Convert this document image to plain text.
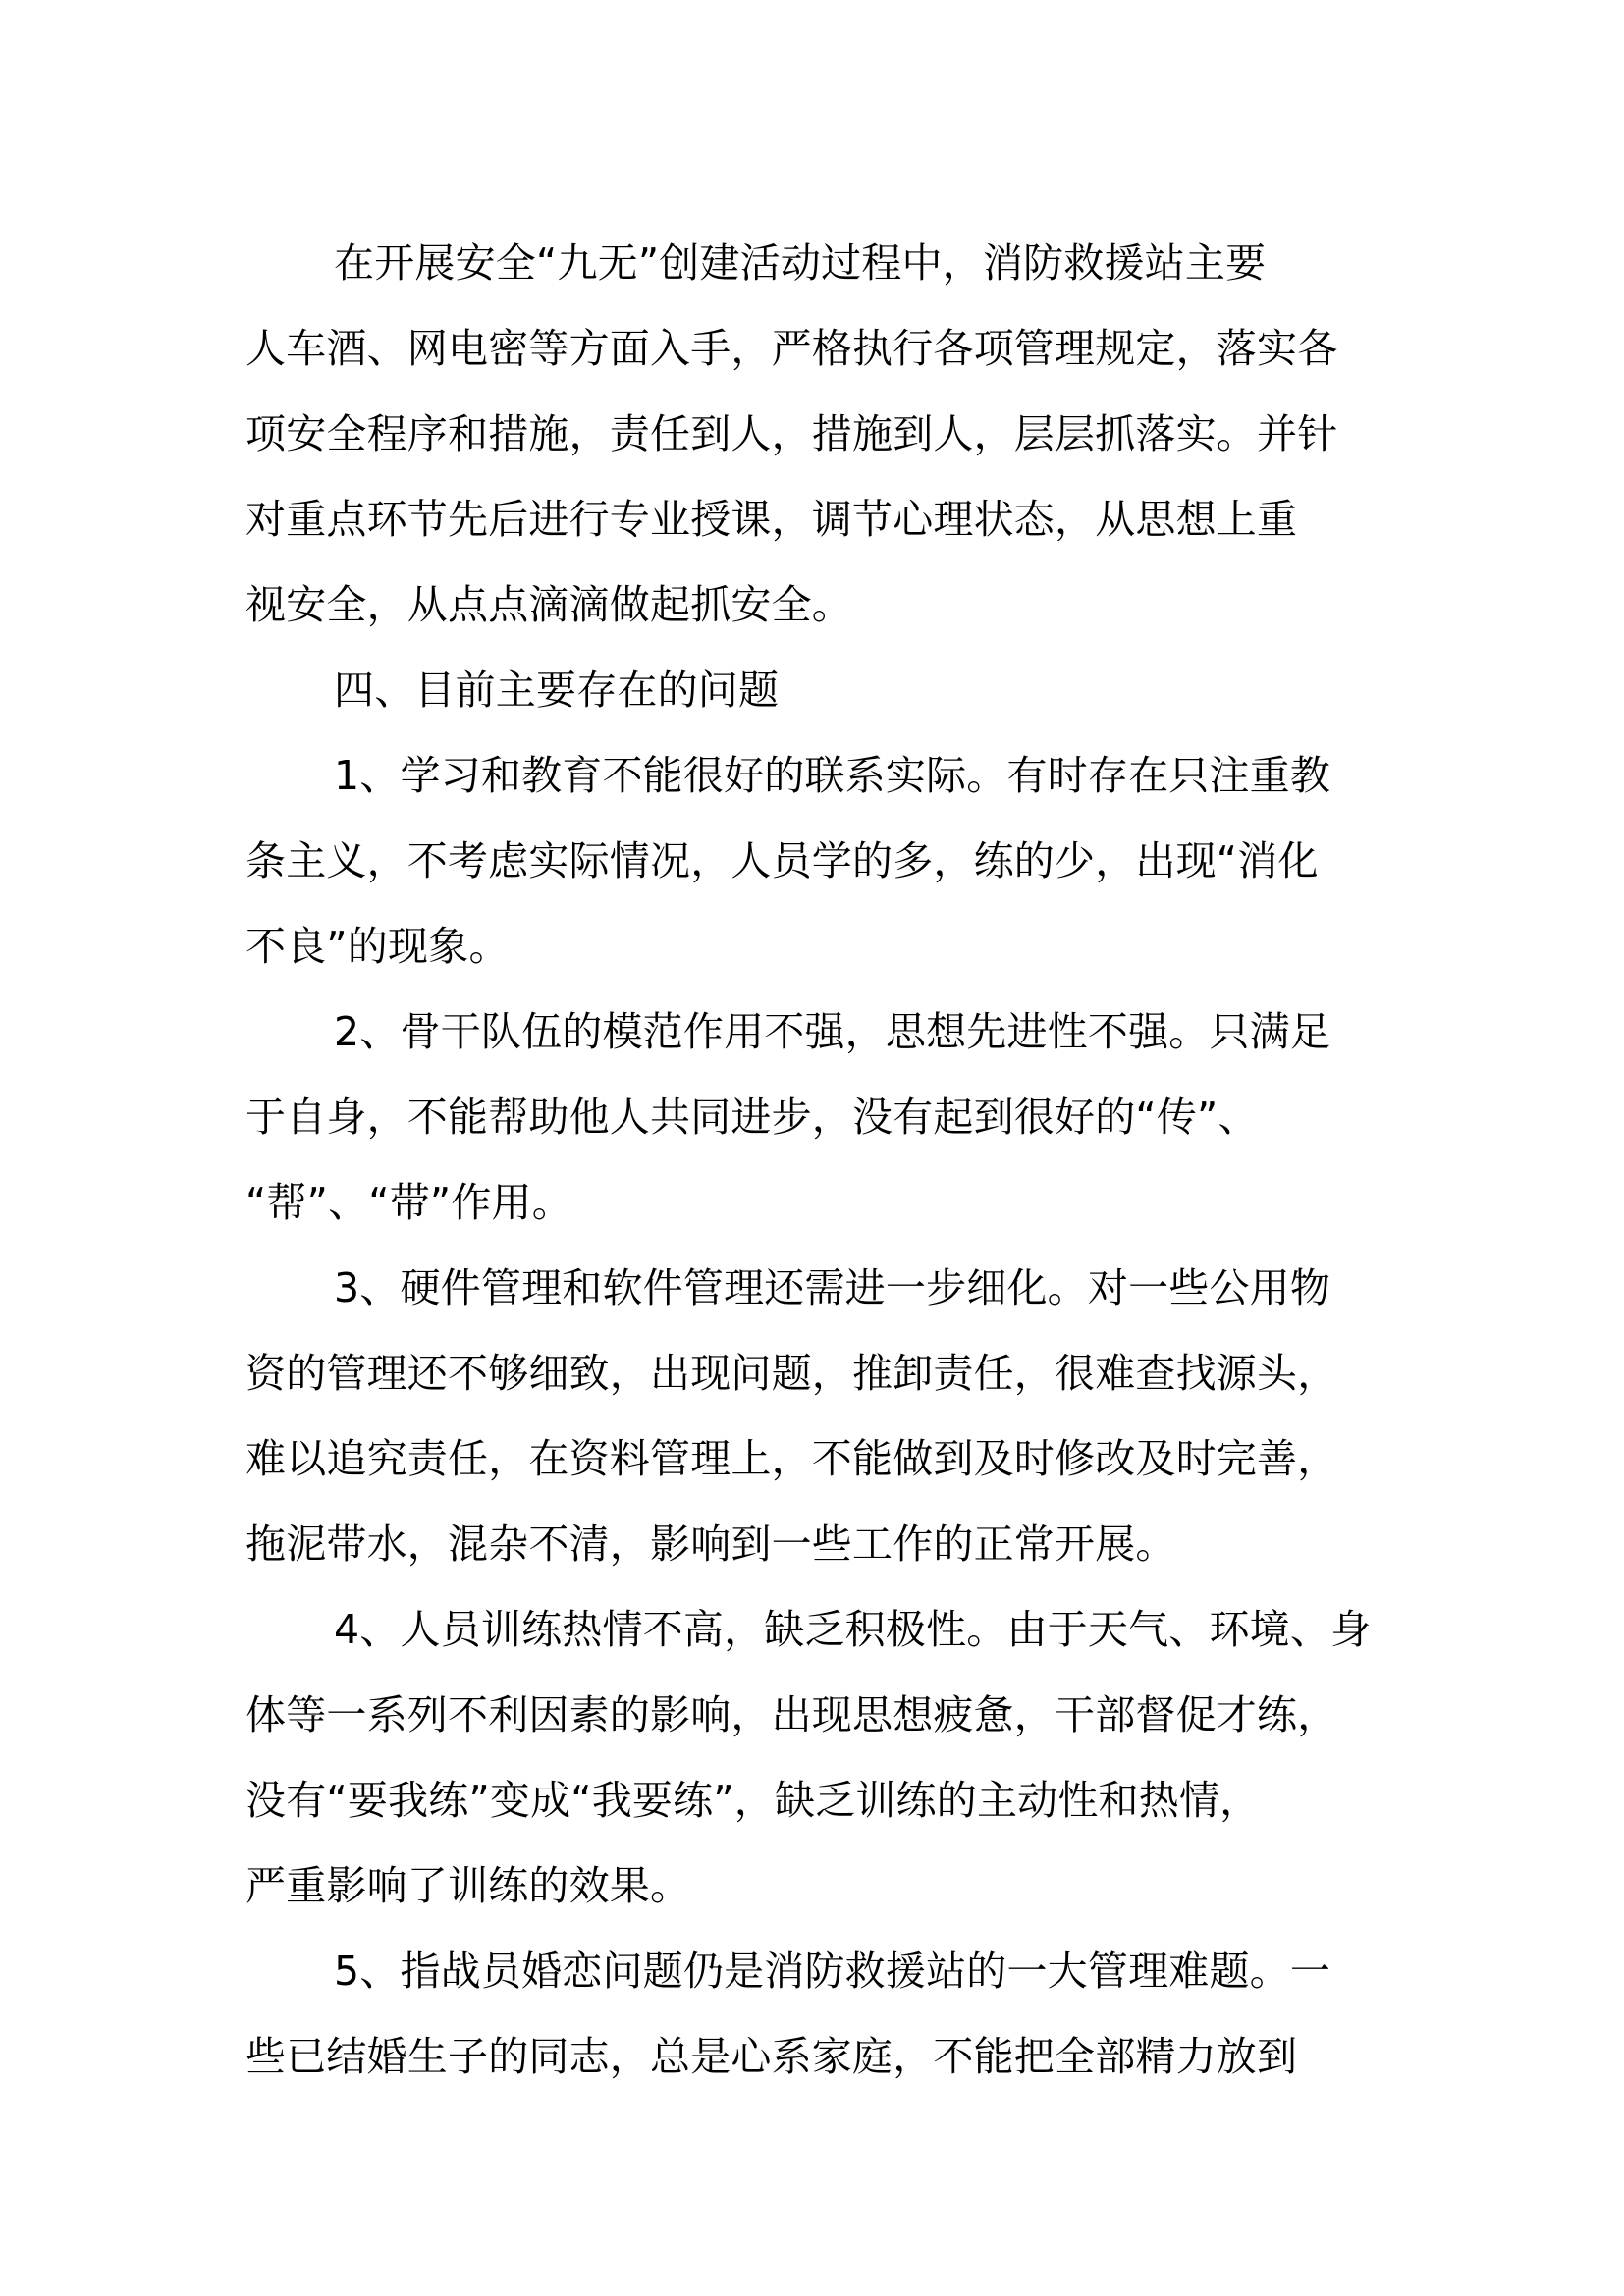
在开展安全“九无”创建活动过程中，消防救援站主要
人车酒、网电密等方面入手，严格执行各项管理规定，落实各
项安全程序和措施，责任到人，措施到人，层层抓落实。并针
对重点环节先后进行专业授课，调节心理状态，从思想上重
视安全，从点点滴滴做起抓安全。
四、目前主要存在的问题
1、学习和教育不能很好的联系实际。有时存在只注重教
条主义，不考虑实际情况，人员学的多，练的少，出现“消化
不良”的现象。
2、骨干队伍的模范作用不强，思想先进性不强。只满足
于自身，不能帮助他人共同进步，没有起到很好的“传”、
“帮”、“带”作用。
3、硬件管理和软件管理还需进一步细化。对一些公用物
资的管理还不够细致，出现问题，推卸责任，很难查找源头，
难以追究责任，在资料管理上，不能做到及时修改及时完善，
拖泥带水，混杂不清，影响到一些工作的正常开展。
4、人员训练热情不高，缺乏积极性。由于天气、环境、身
体等一系列不利因素的影响，出现思想疲惫，干部督促才练，
没有“要我练”变成“我要练”，缺乏训练的主动性和热情，
严重影响了训练的效果。
5、指战员婚恋问题仍是消防救援站的一大管理难题。一
些已结婚生子的同志，总是心系家庭，不能把全部精力放到
